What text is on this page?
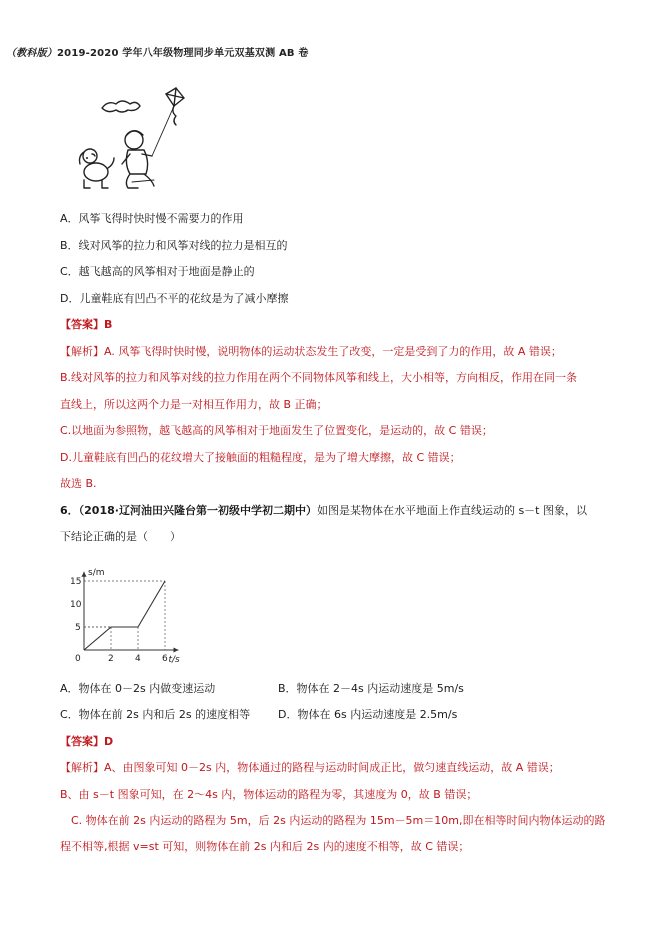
（教科版）2019-2020 学年八年级物理同步单元双基双测 AB 卷
A．风筝飞得时快时慢不需要力的作用
B．线对风筝的拉力和风筝对线的拉力是相互的
C．越飞越高的风筝相对于地面是静止的
D．儿童鞋底有凹凸不平的花纹是为了减小摩擦
【答案】B
【解析】A. 风筝飞得时快时慢，说明物体的运动状态发生了改变，一定是受到了力的作用，故 A 错误；
B.线对风筝的拉力和风筝对线的拉力作用在两个不同物体风筝和线上，大小相等，方向相反，作用在同一条
直线上，所以这两个力是一对相互作用力，故 B 正确；
C.以地面为参照物，越飞越高的风筝相对于地面发生了位置变化，是运动的，故 C 错误；
D.儿童鞋底有凹凸的花纹增大了接触面的粗糙程度，是为了增大摩擦，故 C 错误；
故选 B.
6．（2018·辽河油田兴隆台第一初级中学初二期中）如图是某物体在水平地面上作直线运动的 s－t 图象，以
下结论正确的是（　　）
s/m
t/s
0	2 4 6
5
10
15
A．物体在 0－2s 内做变速运动	B．物体在 2－4s 内运动速度是 5m/s
C．物体在前 2s 内和后 2s 的速度相等	D．物体在 6s 内运动速度是 2.5m/s
【答案】D
【解析】A、由图象可知 0－2s 内，物体通过的路程与运动时间成正比，做匀速直线运动，故 A 错误；
B、由 s－t 图象可知，在 2～4s 内，物体运动的路程为零，其速度为 0，故 B 错误；
　C. 物体在前 2s 内运动的路程为 5m，后 2s 内运动的路程为 15m－5m＝10m,即在相等时间内物体运动的路
程不相等,根据 v=st 可知，则物体在前 2s 内和后 2s 内的速度不相等，故 C 错误；
